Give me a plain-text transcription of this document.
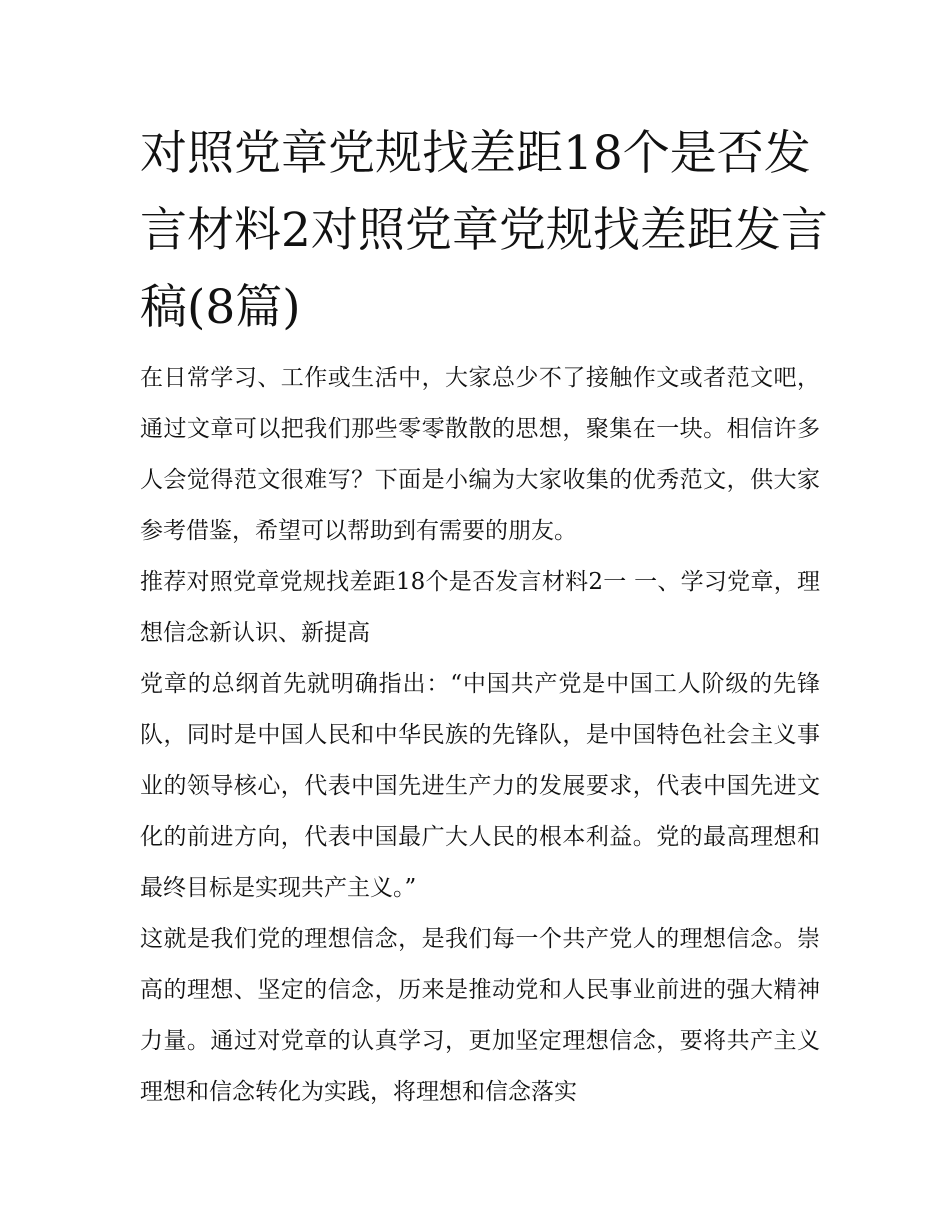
对照党章党规找差距18个是否发言材料2对照党章党规找差距发言稿(8篇)

在日常学习、工作或生活中，大家总少不了接触作文或者范文吧，通过文章可以把我们那些零零散散的思想，聚集在一块。相信许多人会觉得范文很难写？下面是小编为大家收集的优秀范文，供大家参考借鉴，希望可以帮助到有需要的朋友。

推荐对照党章党规找差距18个是否发言材料2一 一、学习党章，理想信念新认识、新提高

党章的总纲首先就明确指出：“中国共产党是中国工人阶级的先锋队，同时是中国人民和中华民族的先锋队，是中国特色社会主义事业的领导核心，代表中国先进生产力的发展要求，代表中国先进文化的前进方向，代表中国最广大人民的根本利益。党的最高理想和最终目标是实现共产主义。”

这就是我们党的理想信念，是我们每一个共产党人的理想信念。崇高的理想、坚定的信念，历来是推动党和人民事业前进的强大精神力量。通过对党章的认真学习，更加坚定理想信念，要将共产主义理想和信念转化为实践，将理想和信念落实
